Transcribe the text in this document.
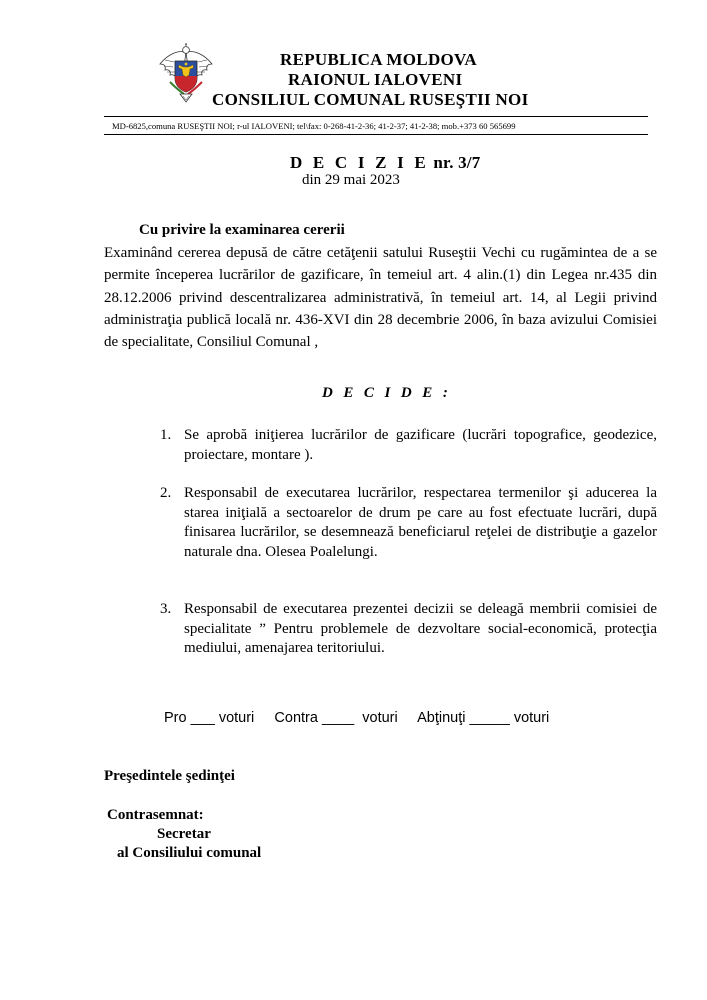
REPUBLICA MOLDOVA
RAIONUL IALOVENI
CONSILIUL COMUNAL RUSEŞTII NOI
MD-6825,comuna RUSEŞTII NOI; r-ul IALOVENI; tel\fax: 0-268-41-2-36; 41-2-37; 41-2-38; mob.+373 60 565699
D E C I Z I E nr. 3/7
din 29 mai 2023
Cu privire la examinarea cererii
Examinând cererea depusă de către cetăţenii satului Ruseştii Vechi cu rugămintea de a se permite începerea lucrărilor de gazificare, în temeiul art. 4 alin.(1) din Legea nr.435 din 28.12.2006 privind descentralizarea administrativă, în temeiul art. 14, al Legii privind administraţia publică locală nr. 436-XVI din 28 decembrie 2006, în baza avizului Comisiei de specialitate, Consiliul Comunal ,
D E C I D E :
1. Se aprobă iniţierea lucrărilor de gazificare (lucrări topografice, geodezice, proiectare, montare ).
2. Responsabil de executarea lucrărilor, respectarea termenilor şi aducerea la starea iniţială a sectoarelor de drum pe care au fost efectuate lucrări, după finisarea lucrărilor, se desemnează beneficiarul reţelei de distribuţie a gazelor naturale dna. Olesea Poalelungi.
3. Responsabil de executarea prezentei decizii se deleagă membrii comisiei de specialitate ” Pentru problemele de dezvoltare social-economică, protecţia mediului, amenajarea teritoriului.
Pro ___ voturi     Contra ____  voturi     Abţinuţi _____ voturi
Preşedintele şedinţei
Contrasemnat:
Secretar
al Consiliului comunal
